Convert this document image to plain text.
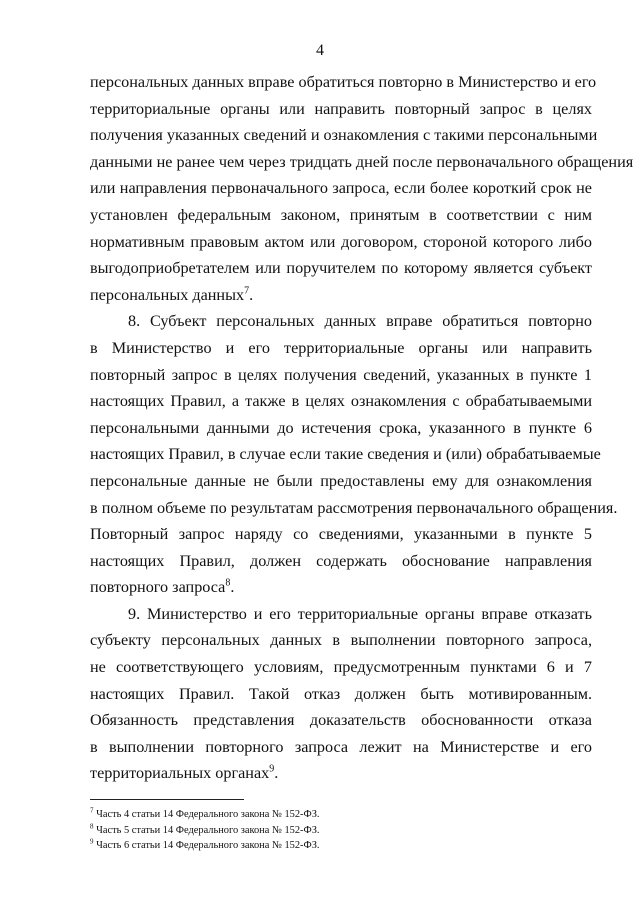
4
персональных данных вправе обратиться повторно в Министерство и его
территориальные органы или направить повторный запрос в целях
получения указанных сведений и ознакомления с такими персональными
данными не ранее чем через тридцать дней после первоначального обращения
или направления первоначального запроса, если более короткий срок не
установлен федеральным законом, принятым в соответствии с ним
нормативным правовым актом или договором, стороной которого либо
выгодоприобретателем или поручителем по которому является субъект
персональных данных$^7$.
8. Субъект персональных данных вправе обратиться повторно
в Министерство и его территориальные органы или направить
повторный запрос в целях получения сведений, указанных в пункте 1
настоящих Правил, а также в целях ознакомления с обрабатываемыми
персональными данными до истечения срока, указанного в пункте 6
настоящих Правил, в случае если такие сведения и (или) обрабатываемые
персональные данные не были предоставлены ему для ознакомления
в полном объеме по результатам рассмотрения первоначального обращения.
Повторный запрос наряду со сведениями, указанными в пункте 5
настоящих Правил, должен содержать обоснование направления
повторного запроса$^8$.
9. Министерство и его территориальные органы вправе отказать
субъекту персональных данных в выполнении повторного запроса,
не соответствующего условиям, предусмотренным пунктами 6 и 7
настоящих Правил. Такой отказ должен быть мотивированным.
Обязанность представления доказательств обоснованности отказа
в выполнении повторного запроса лежит на Министерстве и его
территориальных органах$^9$.
$^7$ Часть 4 статьи 14 Федерального закона № 152-ФЗ.
$^8$ Часть 5 статьи 14 Федерального закона № 152-ФЗ.
$^9$ Часть 6 статьи 14 Федерального закона № 152-ФЗ.
